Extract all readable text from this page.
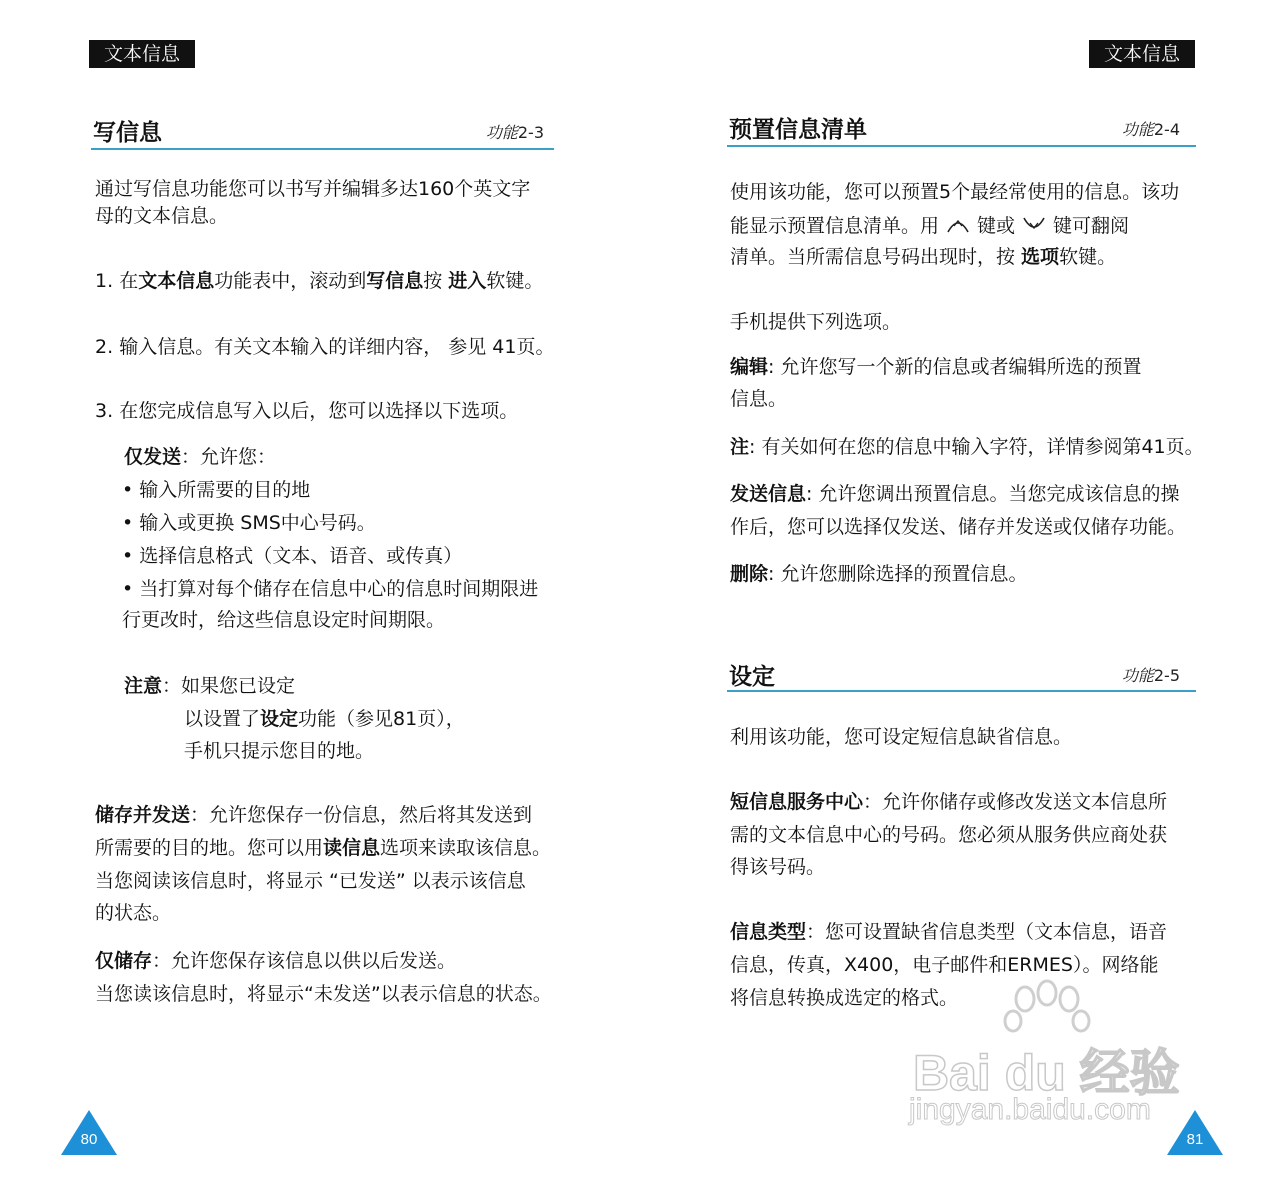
文本信息
写信息	功能2-3
通过写信息功能您可以书写并编辑多达160个英文字
母的文本信息。
1. 在文本信息功能表中，滚动到写信息按 进入软键。
2. 输入信息。有关文本输入的详细内容， 参见 41页。
3. 在您完成信息写入以后，您可以选择以下选项。
仅发送：允许您：
• 输入所需要的目的地
• 输入或更换 SMS中心号码。
• 选择信息格式（文本、语音、或传真）
• 当打算对每个储存在信息中心的信息时间期限进
行更改时，给这些信息设定时间期限。
注意：如果您已设定
以设置了设定功能（参见81页），
手机只提示您目的地。
储存并发送：允许您保存一份信息，然后将其发送到
所需要的目的地。您可以用读信息选项来读取该信息。
当您阅读该信息时，将显示 “已发送” 以表示该信息
的状态。
仅储存：允许您保存该信息以供以后发送。
当您读该信息时，将显示“未发送”以表示信息的状态。
80
文本信息
预置信息清单	功能2-4
使用该功能，您可以预置5个最经常使用的信息。该功
能显示预置信息清单。用 键或 键可翻阅
清单。当所需信息号码出现时，按 选项软键。
手机提供下列选项。
编辑: 允许您写一个新的信息或者编辑所选的预置
信息。
注: 有关如何在您的信息中输入字符，详情参阅第41页。
发送信息: 允许您调出预置信息。当您完成该信息的操
作后，您可以选择仅发送、储存并发送或仅储存功能。
删除: 允许您删除选择的预置信息。
设定	功能2-5
利用该功能，您可设定短信息缺省信息。
短信息服务中心：允许你储存或修改发送文本信息所
需的文本信息中心的号码。您必须从服务供应商处获
得该号码。
信息类型：您可设置缺省信息类型（文本信息，语音
信息，传真，X400，电子邮件和ERMES）。网络能
将信息转换成选定的格式。
Bai du 经验
jingyan.baidu.com
81
